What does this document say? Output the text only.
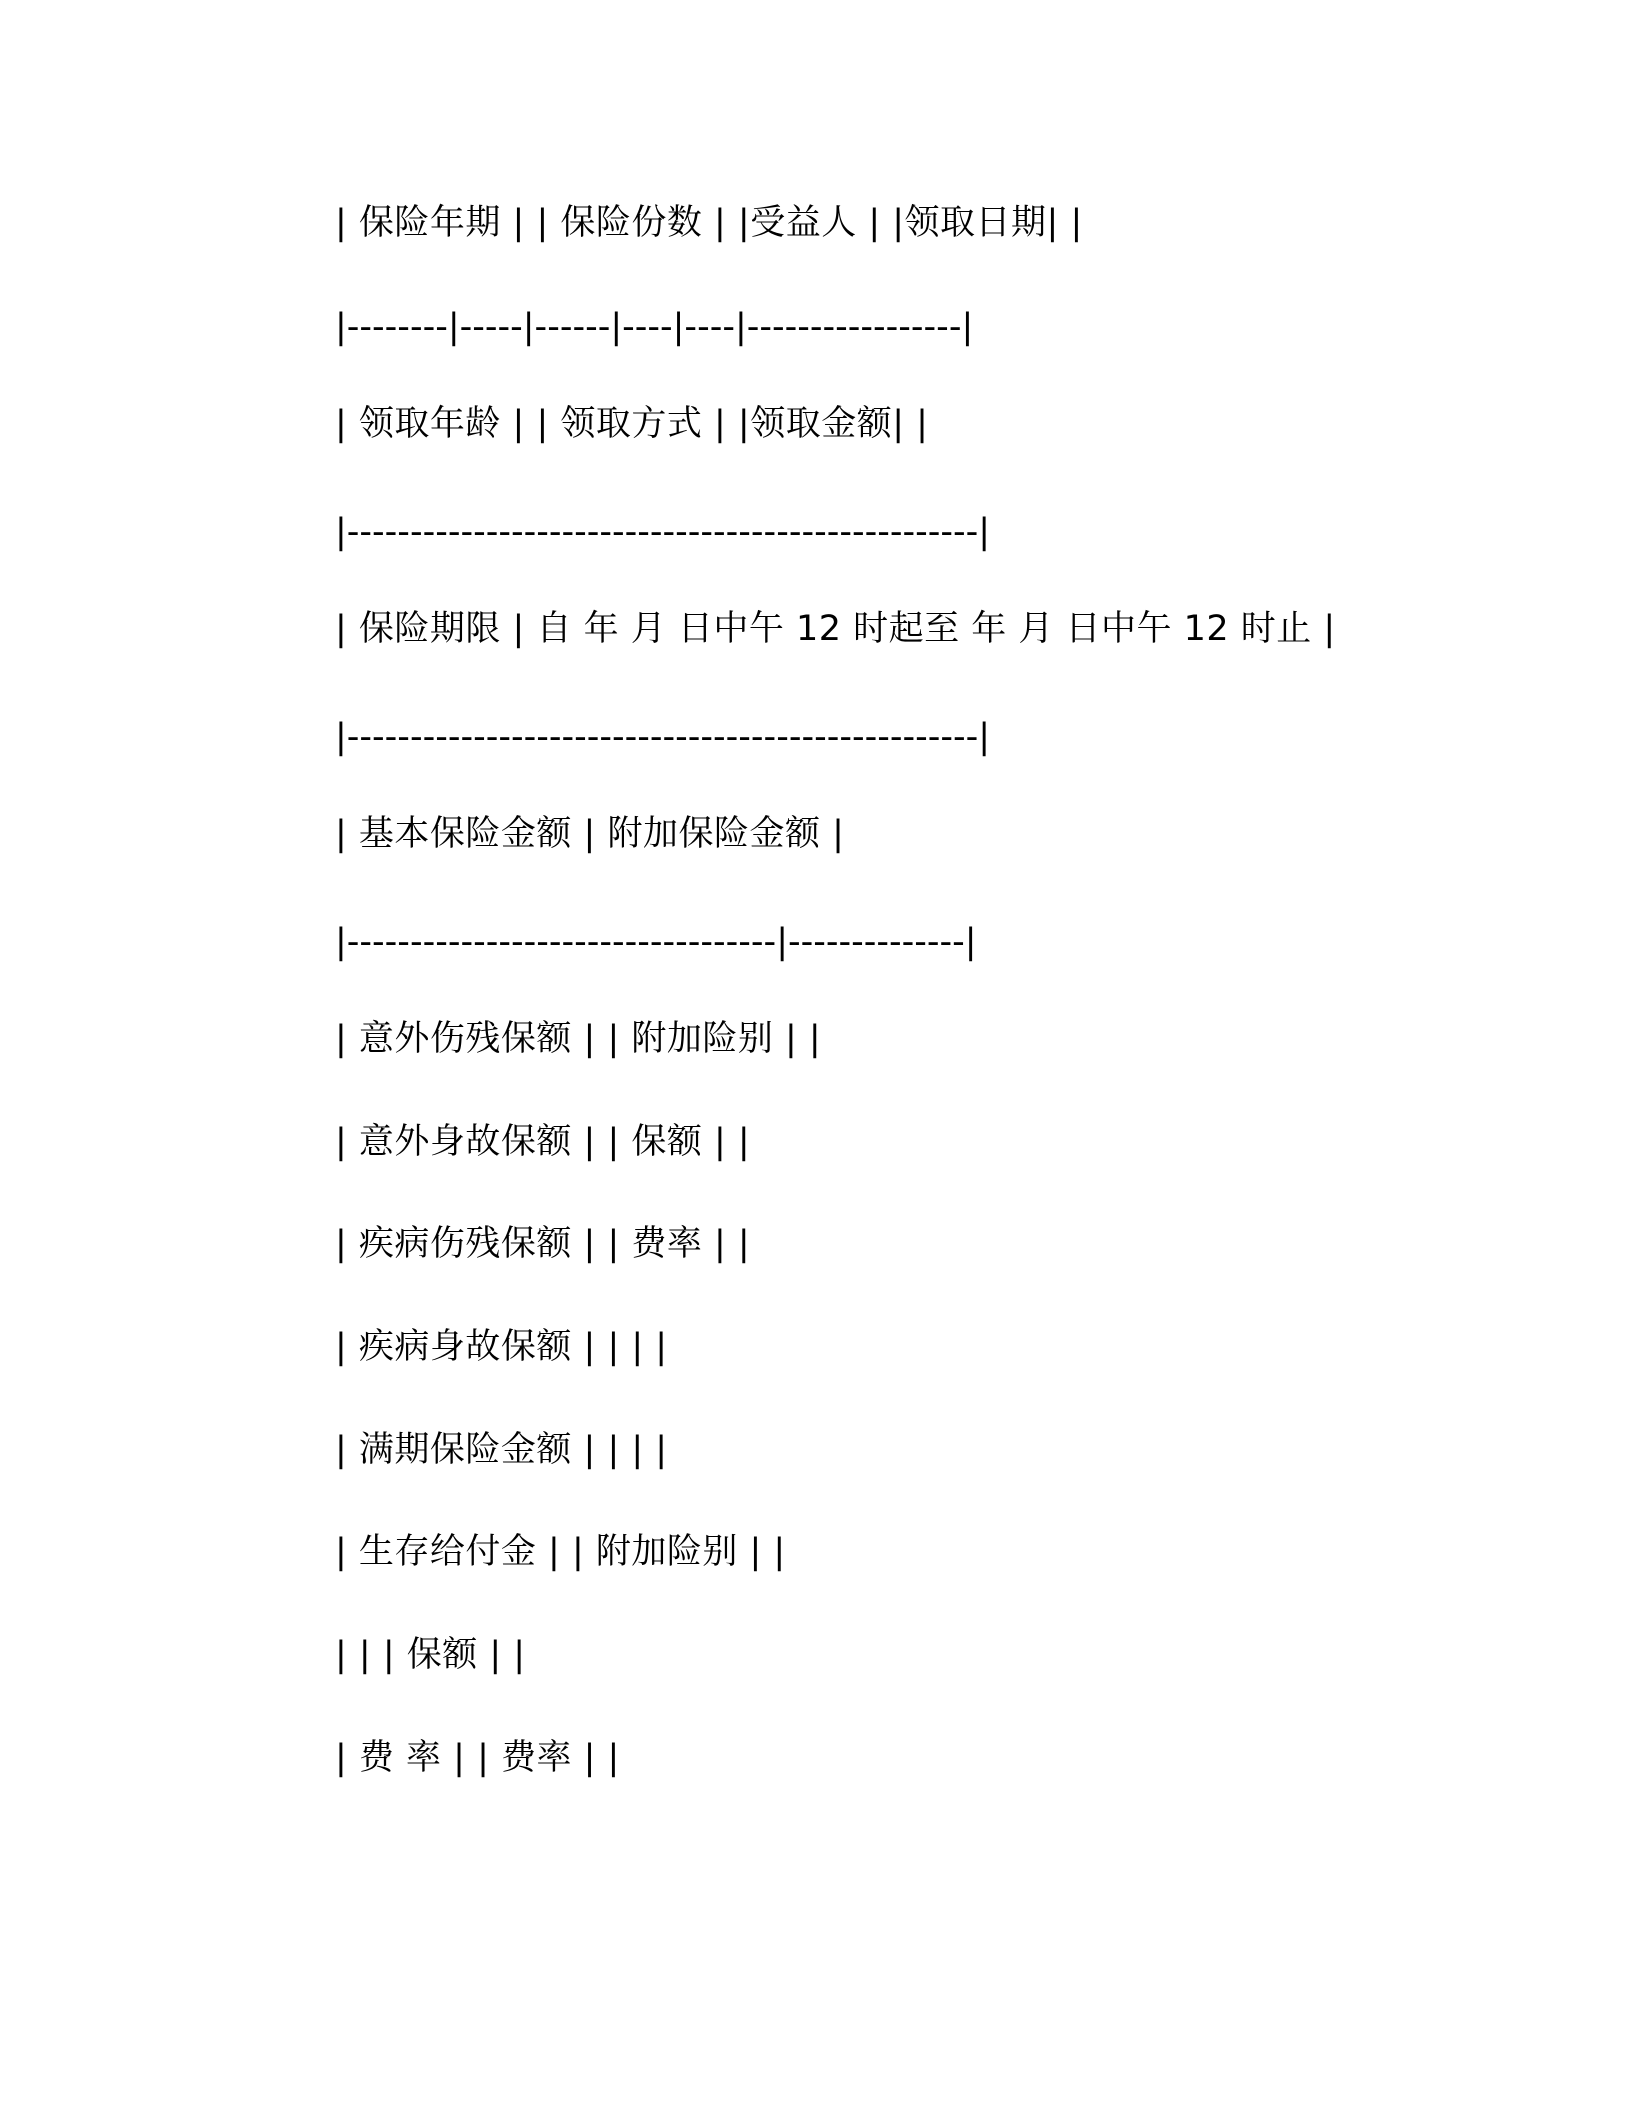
| 保险年期 | | 保险份数 | |受益人 | |领取日期| |
|--------|-----|------|----|----|-----------------|
| 领取年龄 | | 领取方式 | |领取金额| |
|--------------------------------------------------|
| 保险期限 | 自 年 月 日中午 12 时起至 年 月 日中午 12 时止 |
|--------------------------------------------------|
| 基本保险金额 | 附加保险金额 |
|----------------------------------|--------------|
| 意外伤残保额 | | 附加险别 | |
| 意外身故保额 | | 保额 | |
| 疾病伤残保额 | | 费率 | |
| 疾病身故保额 | | | |
| 满期保险金额 | | | |
| 生存给付金 | | 附加险别 | |
| | | 保额 | |
| 费 率 | | 费率 | |
